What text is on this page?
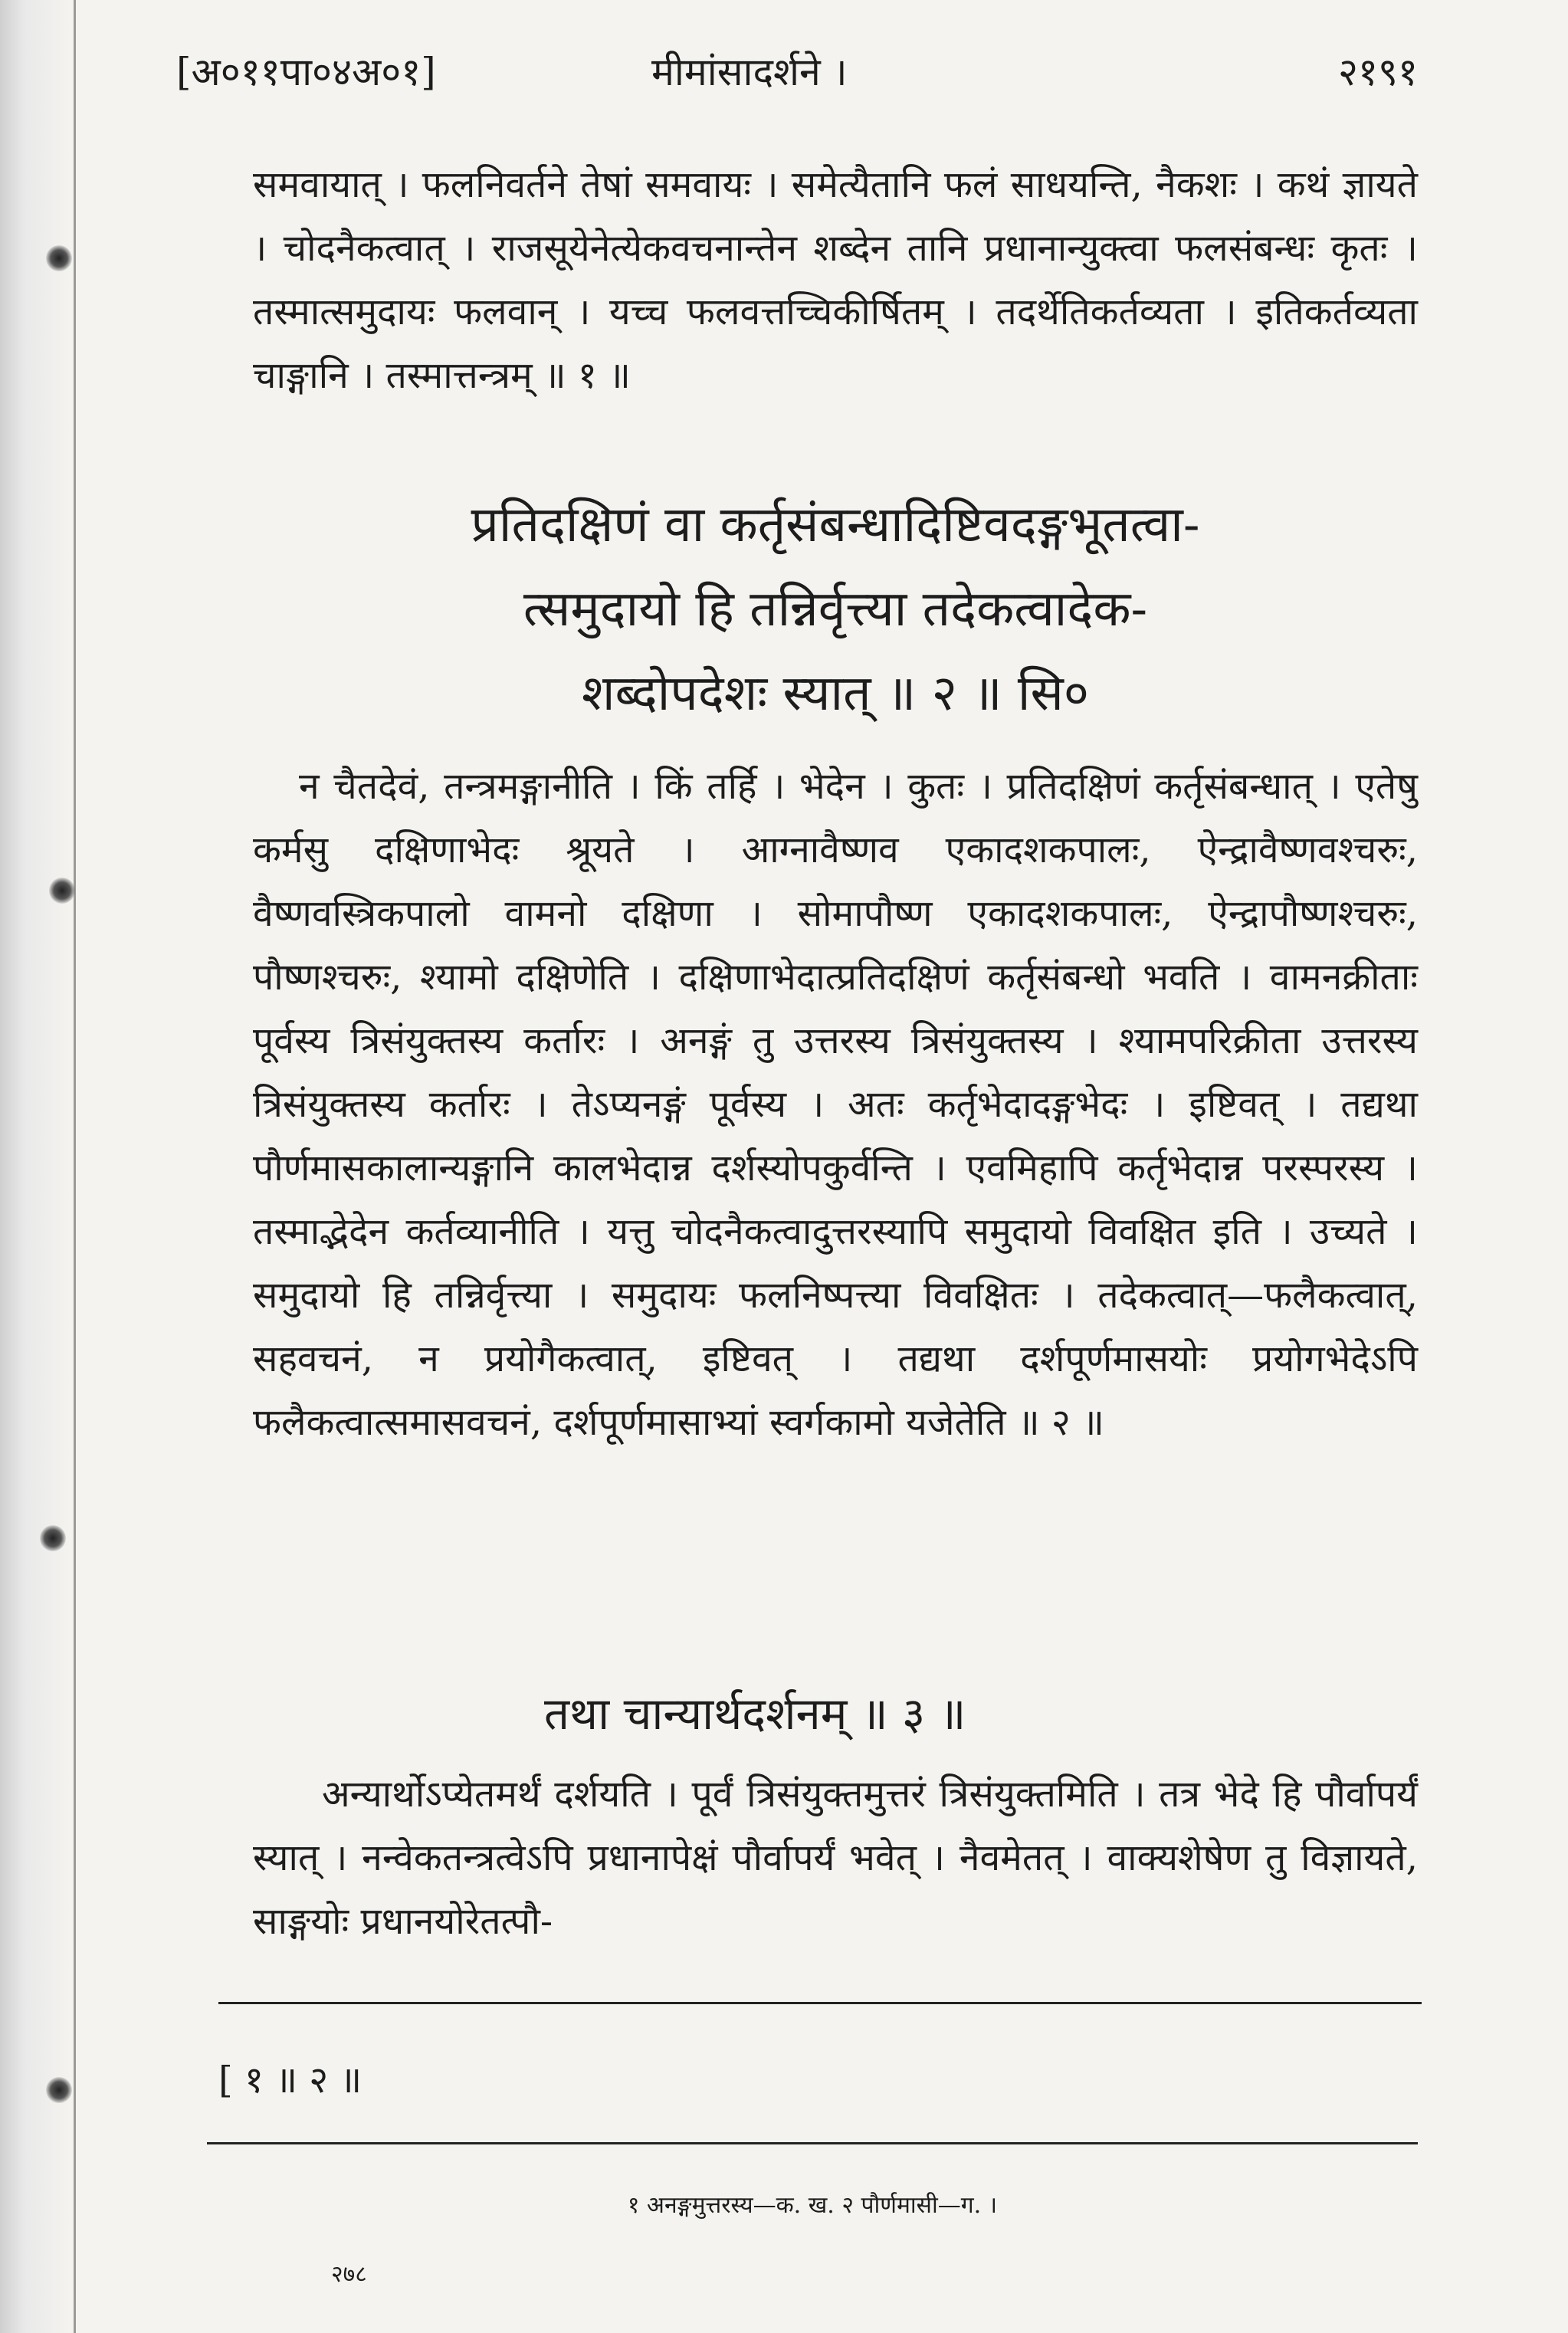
[अ०११पा०४अ०१]	मीमांसादर्शने ।	२१९१
समवायात् । फलनिवर्तने तेषां समवायः । समेत्यैतानि फलं साधयन्ति, नैकशः । कथं ज्ञायते । चोदनैकत्वात् । राजसूयेनेत्येकवचनान्तेन शब्देन तानि प्रधानान्युक्त्वा फलसंबन्धः कृतः । तस्मात्समुदायः फलवान् । यच्च फलवत्तच्चिकीर्षितम् । तदर्थेतिकर्तव्यता । इतिकर्तव्यता चाङ्गानि । तस्मात्तन्त्रम् ॥ १ ॥
प्रतिदक्षिणं वा कर्तृसंबन्धादिष्टिवदङ्गभूतत्वा-
त्समुदायो हि तन्निर्वृत्त्या तदेकत्वादेक-
शब्दोपदेशः स्यात् ॥ २ ॥ सि०
न चैतदेवं, तन्त्रमङ्गानीति । किं तर्हि । भेदेन । कुतः । प्रतिदक्षिणं कर्तृसंबन्धात् । एतेषु कर्मसु दक्षिणाभेदः श्रूयते । आग्नावैष्णव एकादशकपालः, ऐन्द्रावैष्णवश्चरुः, वैष्णवस्त्रिकपालो वामनो दक्षिणा । सोमापौष्ण एकादशकपालः, ऐन्द्रापौष्णश्चरुः, पौष्णश्चरुः, श्यामो दक्षिणेति । दक्षिणाभेदात्प्रतिदक्षिणं कर्तृसंबन्धो भवति । वामनक्रीताः पूर्वस्य त्रिसंयुक्तस्य कर्तारः । अनङ्गं तु उत्तरस्य त्रिसंयुक्तस्य । श्यामपरिक्रीता उत्तरस्य त्रिसंयुक्तस्य कर्तारः । तेऽप्यनङ्गं पूर्वस्य । अतः कर्तृभेदादङ्गभेदः । इष्टिवत् । तद्यथा पौर्णमासकालान्यङ्गानि कालभेदान्न दर्शस्योपकुर्वन्ति । एवमिहापि कर्तृभेदान्न परस्परस्य । तस्माद्भेदेन कर्तव्यानीति । यत्तु चोदनैकत्वादुत्तरस्यापि समुदायो विवक्षित इति । उच्यते । समुदायो हि तन्निर्वृत्त्या । समुदायः फलनिष्पत्त्या विवक्षितः । तदेकत्वात्—फलैकत्वात्, सहवचनं, न प्रयोगैकत्वात्, इष्टिवत् । तद्यथा दर्शपूर्णमासयोः प्रयोगभेदेऽपि फलैकत्वात्समासवचनं, दर्शपूर्णमासाभ्यां स्वर्गकामो यजेतेति ॥ २ ॥
तथा चान्यार्थदर्शनम् ॥ ३ ॥
अन्यार्थोऽप्येतमर्थं दर्शयति । पूर्वं त्रिसंयुक्तमुत्तरं त्रिसंयुक्तमिति । तत्र भेदे हि पौर्वापर्यं स्यात् । नन्वेकतन्त्रत्वेऽपि प्रधानापेक्षं पौर्वापर्यं भवेत् । नैवमेतत् । वाक्यशेषेण तु विज्ञायते, साङ्गयोः प्रधानयोरेतत्पौ-
[ १ ॥ २ ॥
१ अनङ्गमुत्तरस्य—क. ख. २ पौर्णमासी—ग. ।
२७८
